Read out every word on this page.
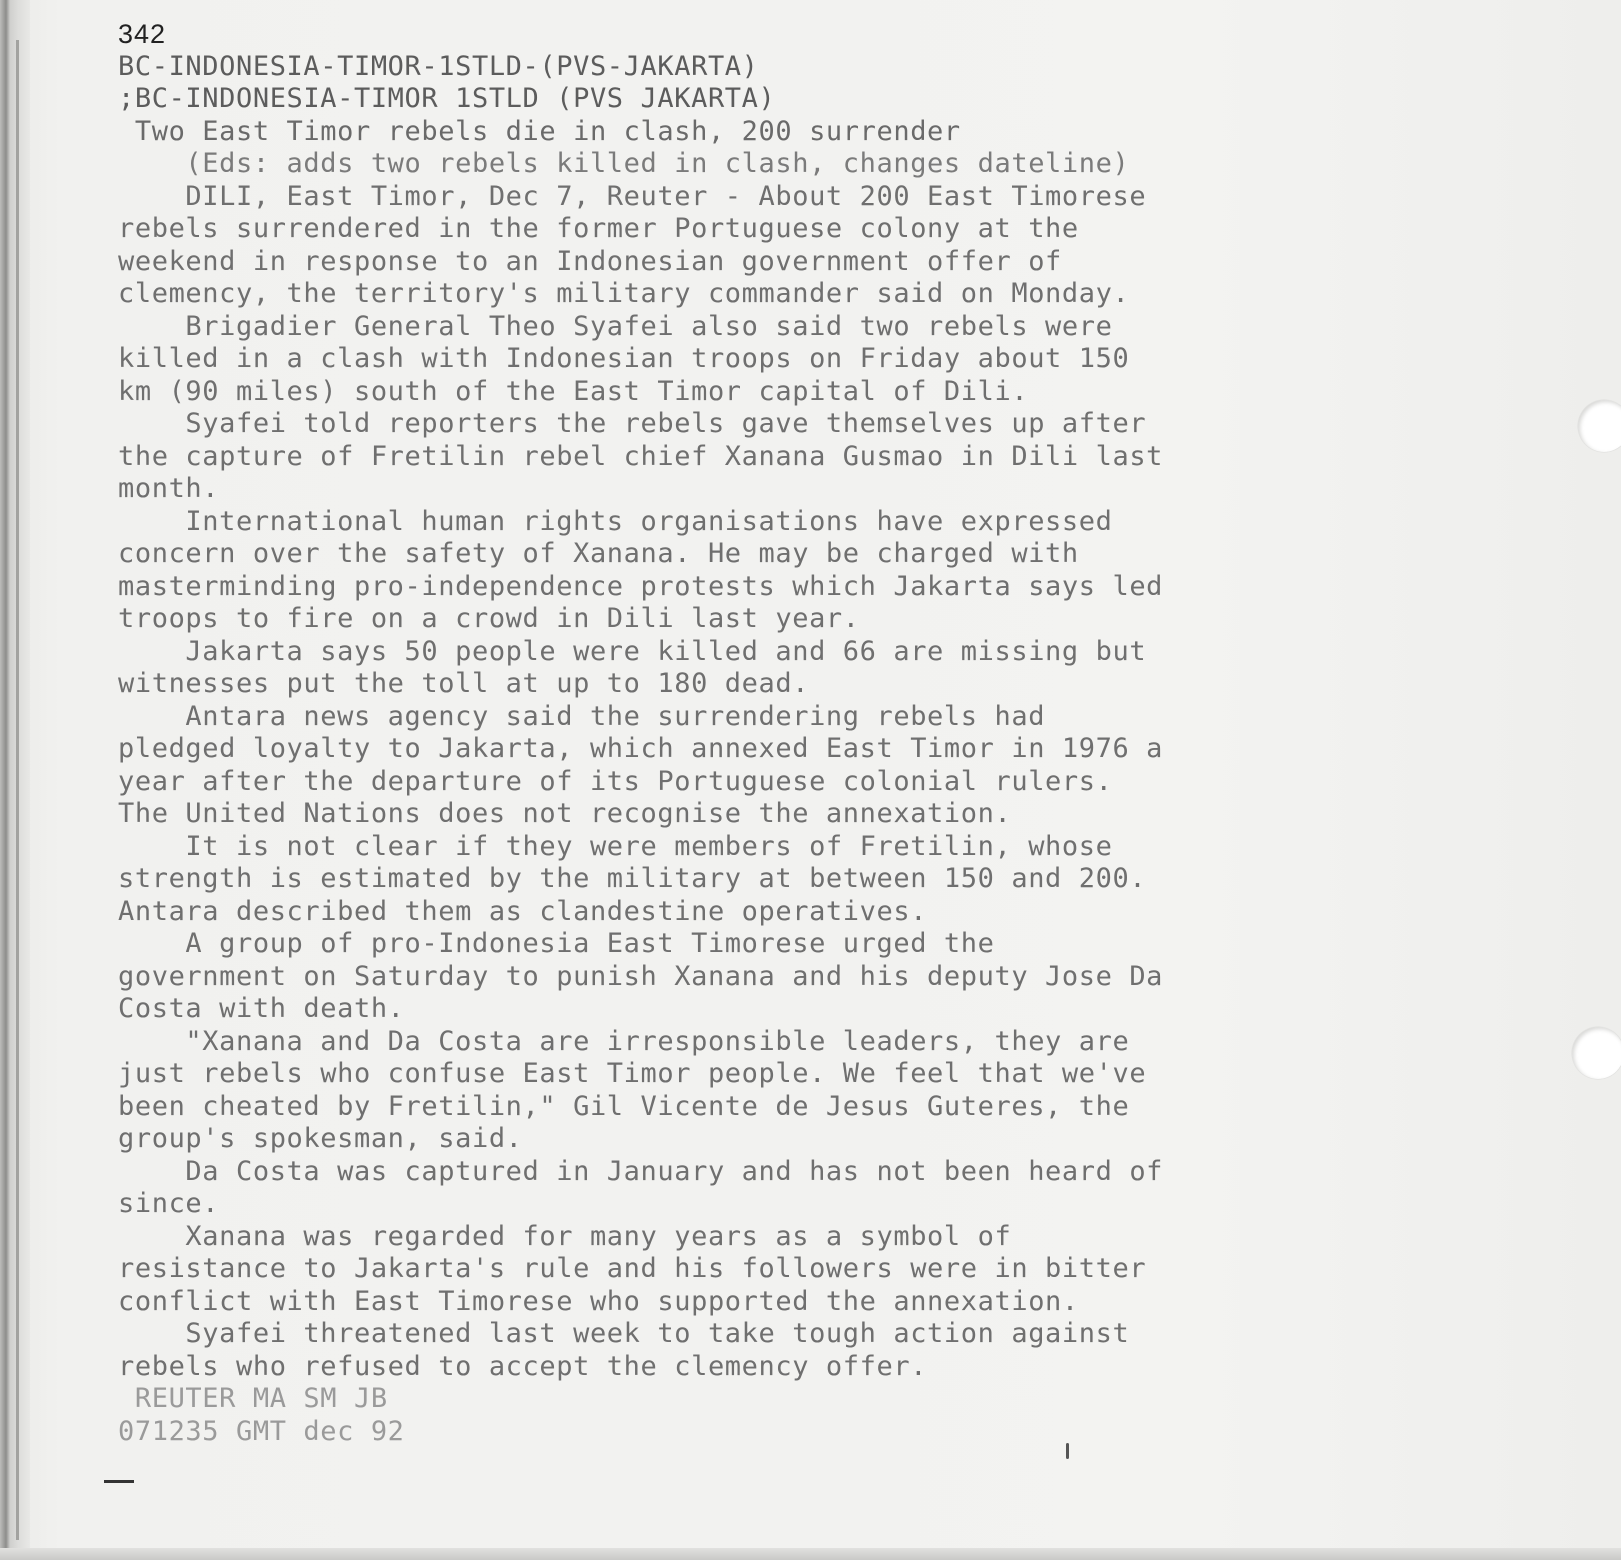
342
BC-INDONESIA-TIMOR-1STLD-(PVS-JAKARTA)
;BC-INDONESIA-TIMOR 1STLD (PVS JAKARTA)
Two East Timor rebels die in clash, 200 surrender
(Eds: adds two rebels killed in clash, changes dateline)
DILI, East Timor, Dec 7, Reuter - About 200 East Timorese
rebels surrendered in the former Portuguese colony at the
weekend in response to an Indonesian government offer of
clemency, the territory's military commander said on Monday.
Brigadier General Theo Syafei also said two rebels were
killed in a clash with Indonesian troops on Friday about 150
km (90 miles) south of the East Timor capital of Dili.
Syafei told reporters the rebels gave themselves up after
the capture of Fretilin rebel chief Xanana Gusmao in Dili last
month.
International human rights organisations have expressed
concern over the safety of Xanana. He may be charged with
masterminding pro-independence protests which Jakarta says led
troops to fire on a crowd in Dili last year.
Jakarta says 50 people were killed and 66 are missing but
witnesses put the toll at up to 180 dead.
Antara news agency said the surrendering rebels had
pledged loyalty to Jakarta, which annexed East Timor in 1976 a
year after the departure of its Portuguese colonial rulers.
The United Nations does not recognise the annexation.
It is not clear if they were members of Fretilin, whose
strength is estimated by the military at between 150 and 200.
Antara described them as clandestine operatives.
A group of pro-Indonesia East Timorese urged the
government on Saturday to punish Xanana and his deputy Jose Da
Costa with death.
"Xanana and Da Costa are irresponsible leaders, they are
just rebels who confuse East Timor people. We feel that we've
been cheated by Fretilin," Gil Vicente de Jesus Guteres, the
group's spokesman, said.
Da Costa was captured in January and has not been heard of
since.
Xanana was regarded for many years as a symbol of
resistance to Jakarta's rule and his followers were in bitter
conflict with East Timorese who supported the annexation.
Syafei threatened last week to take tough action against
rebels who refused to accept the clemency offer.
REUTER MA SM JB
071235 GMT dec 92
